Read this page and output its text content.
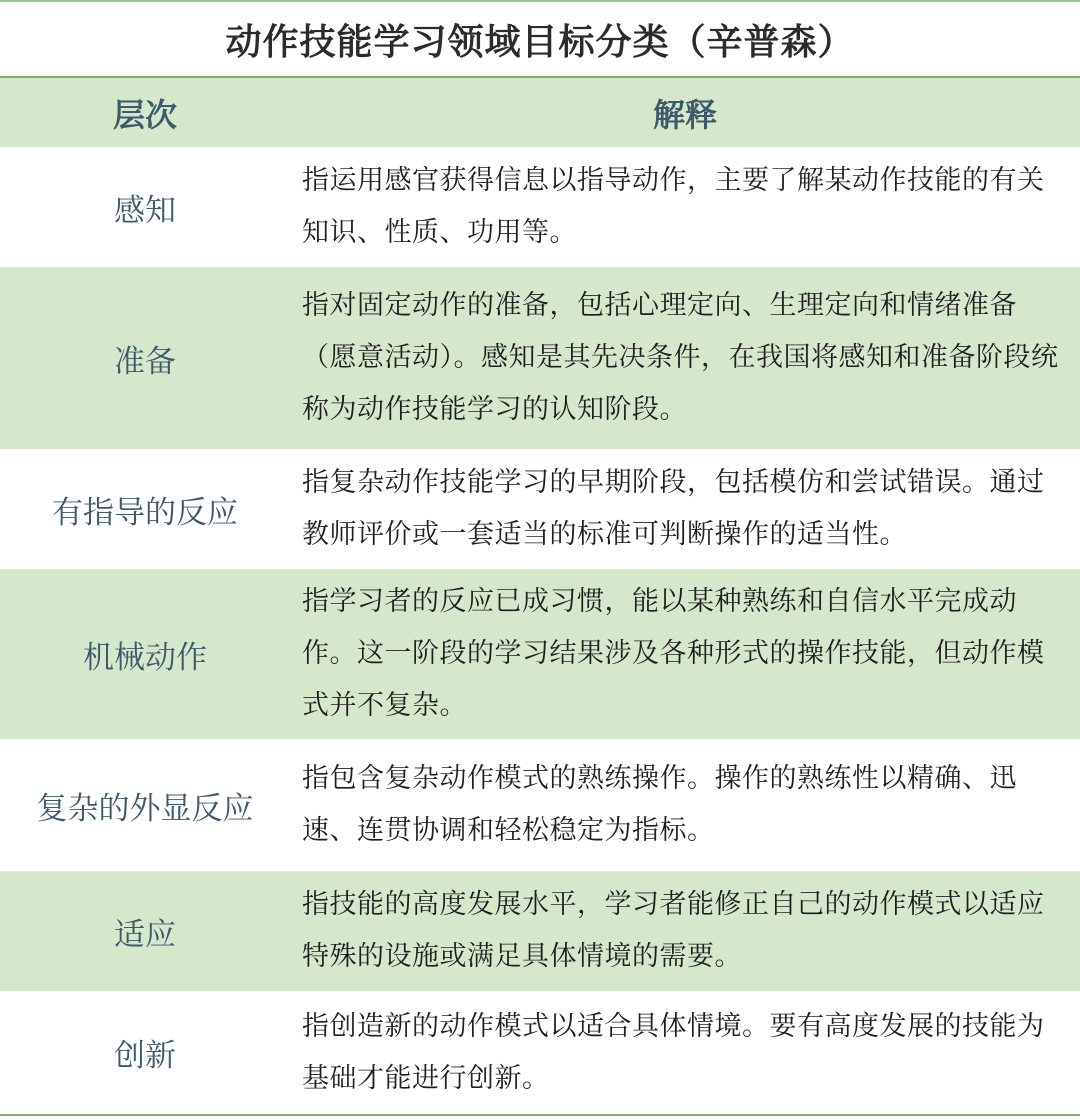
动作技能学习领域目标分类（辛普森）
层次	解释
感知	指运用感官获得信息以指导动作，主要了解某动作技能的有关知识、性质、功用等。
准备	指对固定动作的准备，包括心理定向、生理定向和情绪准备（愿意活动）。感知是其先决条件，在我国将感知和准备阶段统称为动作技能学习的认知阶段。
有指导的反应	指复杂动作技能学习的早期阶段，包括模仿和尝试错误。通过教师评价或一套适当的标准可判断操作的适当性。
机械动作	指学习者的反应已成习惯，能以某种熟练和自信水平完成动作。这一阶段的学习结果涉及各种形式的操作技能，但动作模式并不复杂。
复杂的外显反应	指包含复杂动作模式的熟练操作。操作的熟练性以精确、迅速、连贯协调和轻松稳定为指标。
适应	指技能的高度发展水平，学习者能修正自己的动作模式以适应特殊的设施或满足具体情境的需要。
创新	指创造新的动作模式以适合具体情境。要有高度发展的技能为基础才能进行创新。
